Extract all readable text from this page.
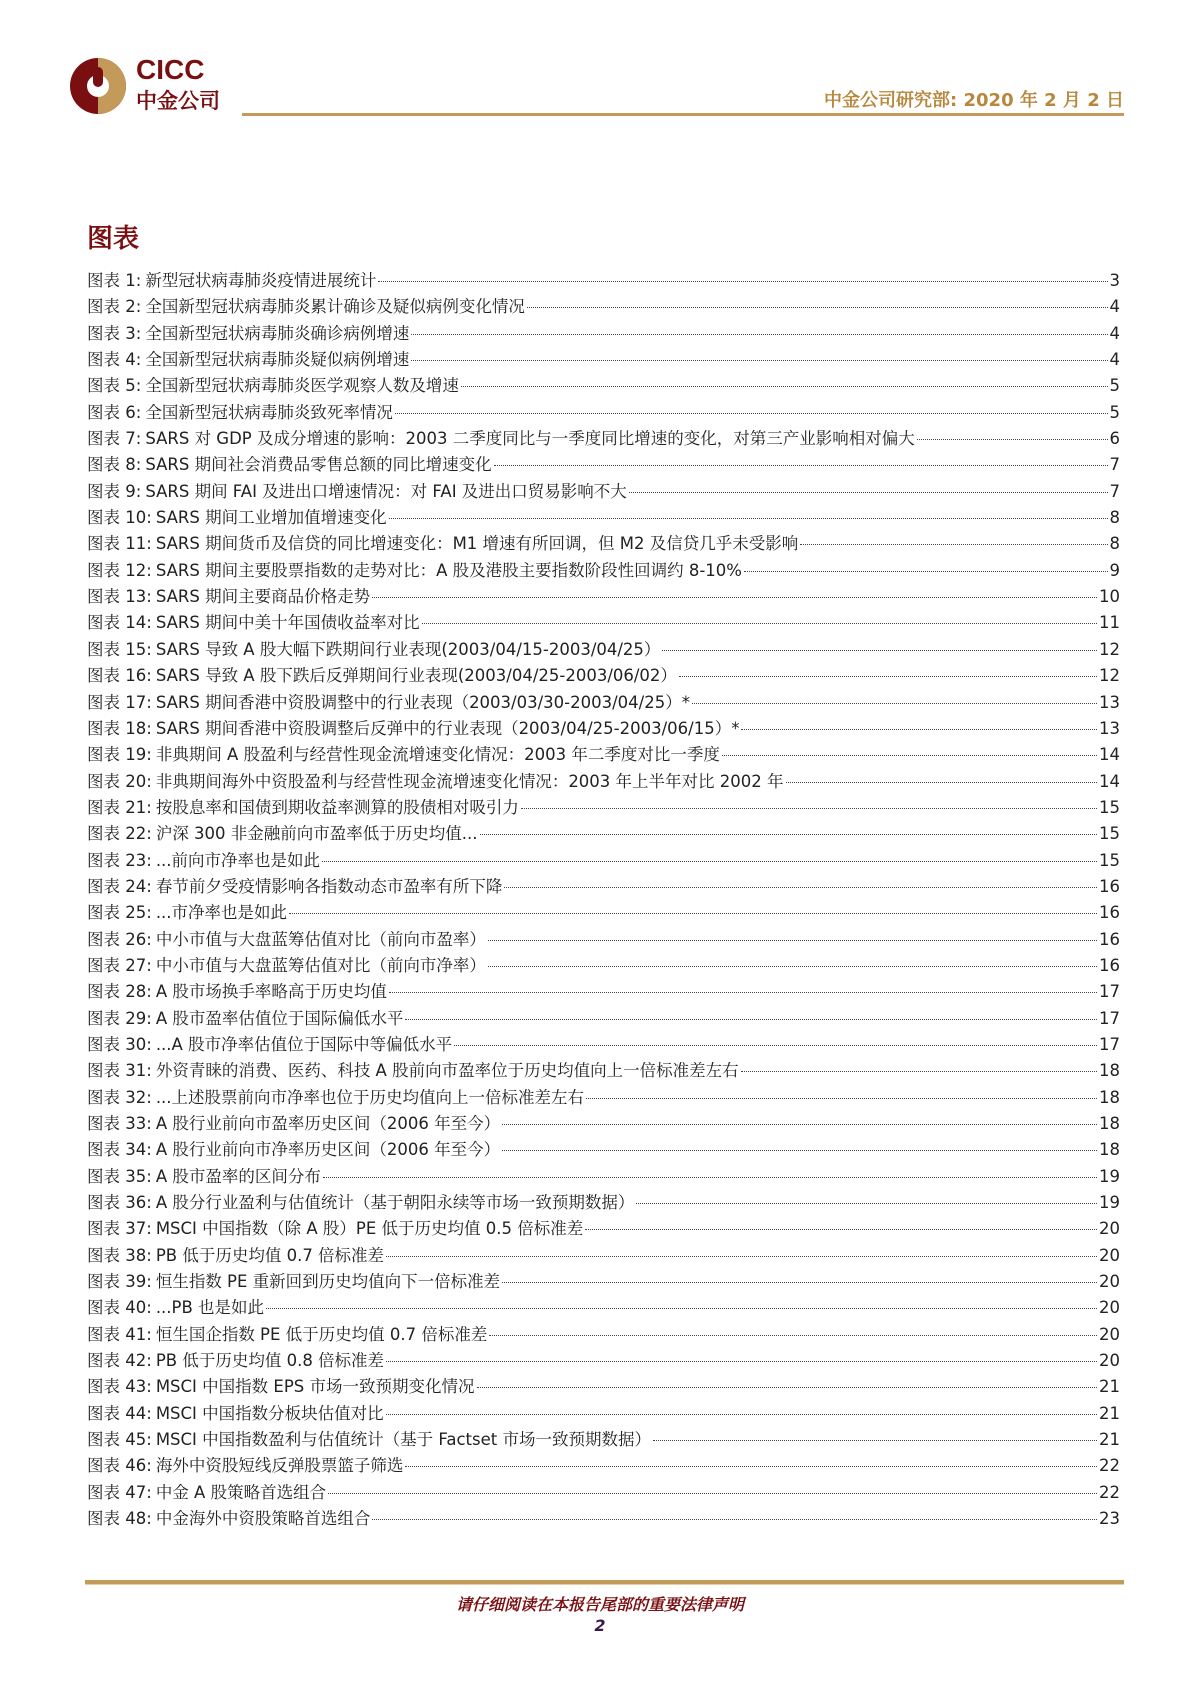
CICC
中金公司	中金公司研究部: 2020 年 2 月 2 日
图表
图表 1: 新型冠状病毒肺炎疫情进展统计	3
图表 2: 全国新型冠状病毒肺炎累计确诊及疑似病例变化情况	4
图表 3: 全国新型冠状病毒肺炎确诊病例增速	4
图表 4: 全国新型冠状病毒肺炎疑似病例增速	4
图表 5: 全国新型冠状病毒肺炎医学观察人数及增速	5
图表 6: 全国新型冠状病毒肺炎致死率情况	5
图表 7: SARS 对 GDP 及成分增速的影响：2003 二季度同比与一季度同比增速的变化，对第三产业影响相对偏大	6
图表 8: SARS 期间社会消费品零售总额的同比增速变化	7
图表 9: SARS 期间 FAI 及进出口增速情况：对 FAI 及进出口贸易影响不大	7
图表 10: SARS 期间工业增加值增速变化	8
图表 11: SARS 期间货币及信贷的同比增速变化：M1 增速有所回调，但 M2 及信贷几乎未受影响	8
图表 12: SARS 期间主要股票指数的走势对比：A 股及港股主要指数阶段性回调约 8-10%	9
图表 13: SARS 期间主要商品价格走势	10
图表 14: SARS 期间中美十年国债收益率对比	11
图表 15: SARS 导致 A 股大幅下跌期间行业表现(2003/04/15-2003/04/25）	12
图表 16: SARS 导致 A 股下跌后反弹期间行业表现(2003/04/25-2003/06/02）	12
图表 17: SARS 期间香港中资股调整中的行业表现（2003/03/30-2003/04/25）*	13
图表 18: SARS 期间香港中资股调整后反弹中的行业表现（2003/04/25-2003/06/15）*	13
图表 19: 非典期间 A 股盈利与经营性现金流增速变化情况：2003 年二季度对比一季度	14
图表 20: 非典期间海外中资股盈利与经营性现金流增速变化情况：2003 年上半年对比 2002 年	14
图表 21: 按股息率和国债到期收益率测算的股债相对吸引力	15
图表 22: 沪深 300 非金融前向市盈率低于历史均值...	15
图表 23: ...前向市净率也是如此	15
图表 24: 春节前夕受疫情影响各指数动态市盈率有所下降	16
图表 25: ...市净率也是如此	16
图表 26: 中小市值与大盘蓝筹估值对比（前向市盈率）	16
图表 27: 中小市值与大盘蓝筹估值对比（前向市净率）	16
图表 28: A 股市场换手率略高于历史均值	17
图表 29: A 股市盈率估值位于国际偏低水平	17
图表 30: ...A 股市净率估值位于国际中等偏低水平	17
图表 31: 外资青睐的消费、医药、科技 A 股前向市盈率位于历史均值向上一倍标准差左右	18
图表 32: ...上述股票前向市净率也位于历史均值向上一倍标准差左右	18
图表 33: A 股行业前向市盈率历史区间（2006 年至今）	18
图表 34: A 股行业前向市净率历史区间（2006 年至今）	18
图表 35: A 股市盈率的区间分布	19
图表 36: A 股分行业盈利与估值统计（基于朝阳永续等市场一致预期数据）	19
图表 37: MSCI 中国指数（除 A 股）PE 低于历史均值 0.5 倍标准差	20
图表 38: PB 低于历史均值 0.7 倍标准差	20
图表 39: 恒生指数 PE 重新回到历史均值向下一倍标准差	20
图表 40: ...PB 也是如此	20
图表 41: 恒生国企指数 PE 低于历史均值 0.7 倍标准差	20
图表 42: PB 低于历史均值 0.8 倍标准差	20
图表 43: MSCI 中国指数 EPS 市场一致预期变化情况	21
图表 44: MSCI 中国指数分板块估值对比	21
图表 45: MSCI 中国指数盈利与估值统计（基于 Factset 市场一致预期数据）	21
图表 46: 海外中资股短线反弹股票篮子筛选	22
图表 47: 中金 A 股策略首选组合	22
图表 48: 中金海外中资股策略首选组合	23
请仔细阅读在本报告尾部的重要法律声明
2
